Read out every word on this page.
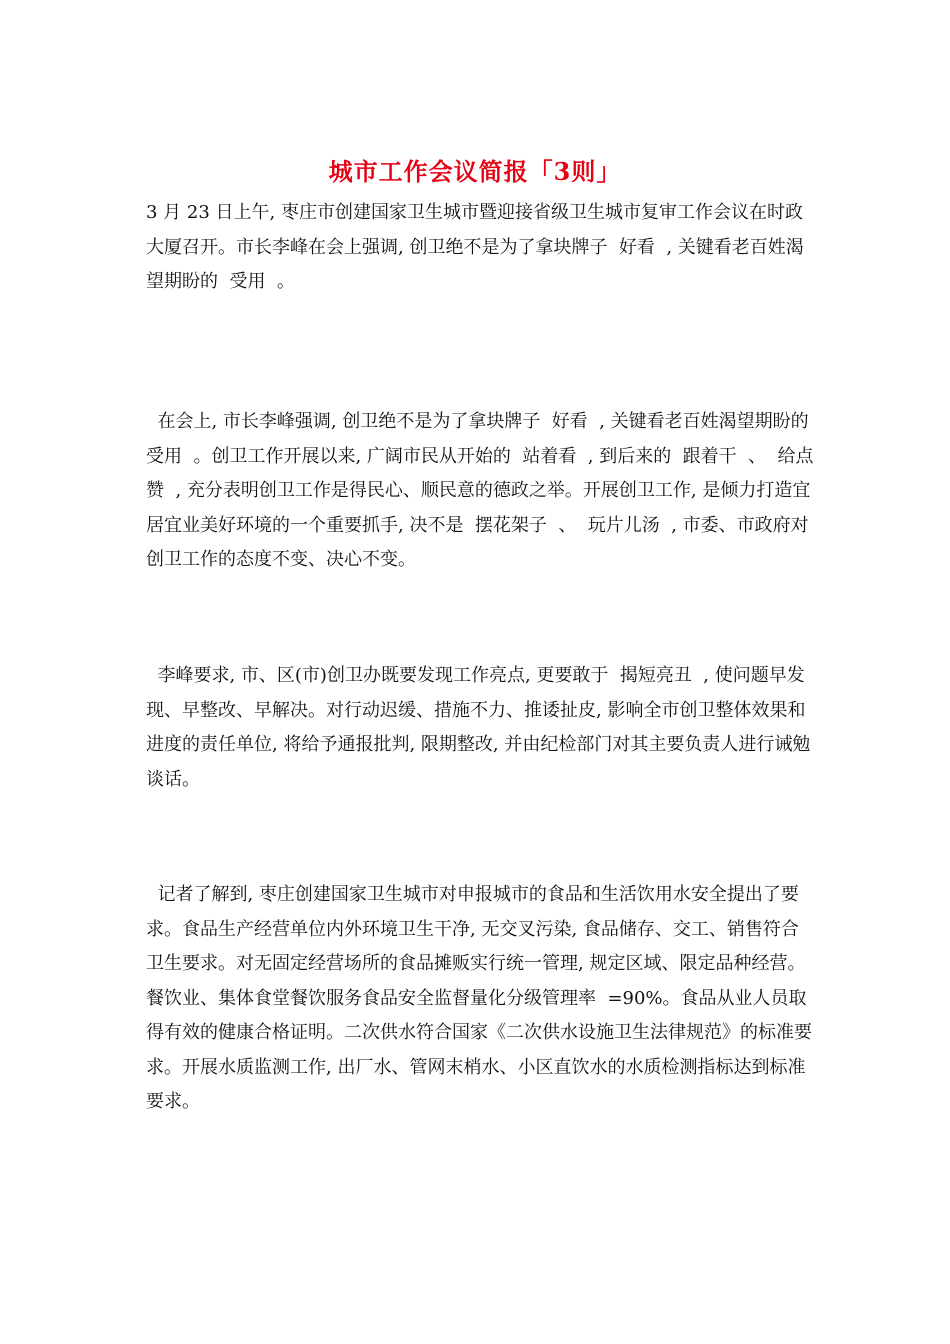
城市工作会议简报「3则」

3 月 23 日上午, 枣庄市创建国家卫生城市暨迎接省级卫生城市复审工作会议在时政大厦召开。市长李峰在会上强调, 创卫绝不是为了拿块牌子  好看  , 关键看老百姓渴望期盼的  受用  。

在会上, 市长李峰强调, 创卫绝不是为了拿块牌子  好看  , 关键看老百姓渴望期盼的  受用  。创卫工作开展以来, 广阔市民从开始的  站着看  , 到后来的  跟着干  、  给点赞  , 充分表明创卫工作是得民心、顺民意的德政之举。开展创卫工作, 是倾力打造宜居宜业美好环境的一个重要抓手, 决不是  摆花架子  、  玩片儿汤  , 市委、市政府对创卫工作的态度不变、决心不变。

李峰要求, 市、区(市)创卫办既要发现工作亮点, 更要敢于  揭短亮丑  , 使问题早发现、早整改、早解决。对行动迟缓、措施不力、推诿扯皮, 影响全市创卫整体效果和进度的责任单位, 将给予通报批判, 限期整改, 并由纪检部门对其主要负责人进行诫勉谈话。

记者了解到, 枣庄创建国家卫生城市对申报城市的食品和生活饮用水安全提出了要求。食品生产经营单位内外环境卫生干净, 无交叉污染, 食品储存、交工、销售符合卫生要求。对无固定经营场所的食品摊贩实行统一管理, 规定区域、限定品种经营。餐饮业、集体食堂餐饮服务食品安全监督量化分级管理率  =90%。食品从业人员取得有效的健康合格证明。二次供水符合国家《二次供水设施卫生法律规范》的标准要求。开展水质监测工作, 出厂水、管网末梢水、小区直饮水的水质检测指标达到标准要求。
